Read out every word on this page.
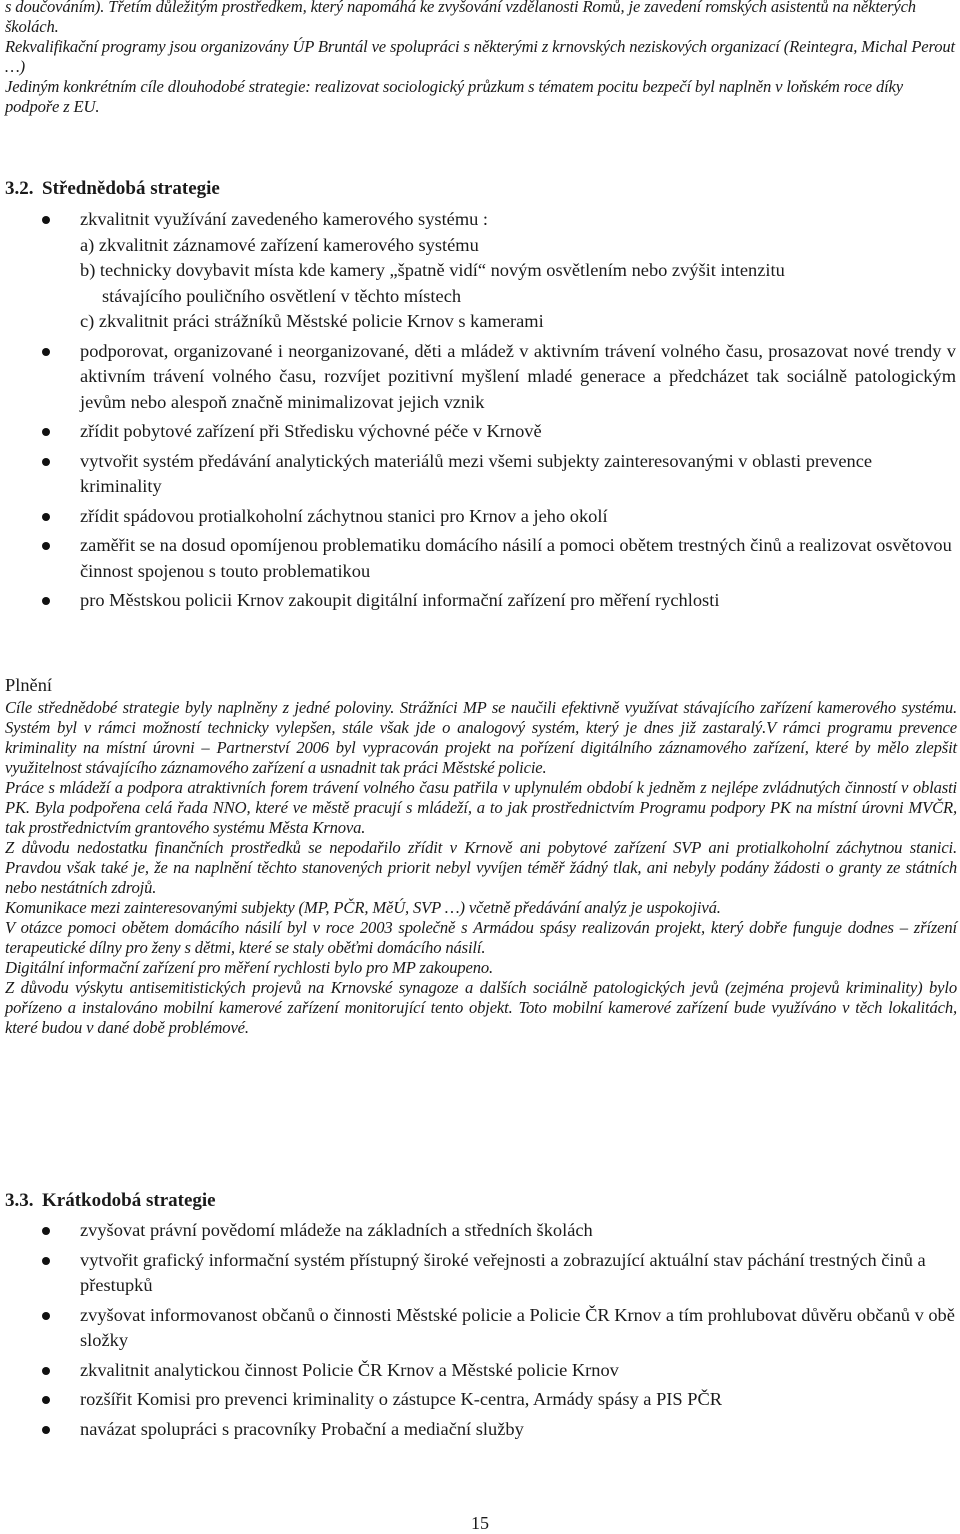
s doučováním). Třetím důležitým prostředkem, který napomáhá ke zvyšování vzdělanosti Romů, je zavedení romských asistentů na některých školách.

Rekvalifikační programy jsou organizovány ÚP Bruntál ve spolupráci s některými z krnovských neziskových organizací (Reintegra, Michal Perout …)

Jediným konkrétním cíle dlouhodobé strategie: realizovat sociologický průzkum s tématem pocitu bezpečí byl naplněn v loňském roce díky podpoře z EU.

3.2. Střednědobá strategie
zkvalitnit využívání zavedeného kamerového systému :
a) zkvalitnit záznamové zařízení kamerového systému
b) technicky dovybavit místa kde kamery „špatně vidí“ novým osvětlením nebo zvýšit intenzitu
stávajícího pouličního osvětlení v těchto místech
c) zkvalitnit práci strážníků Městské policie Krnov s kamerami
podporovat, organizované i neorganizované, děti a mládež v aktivním trávení volného času, prosazovat nové trendy v aktivním trávení volného času, rozvíjet pozitivní myšlení mladé generace a předcházet tak sociálně patologickým jevům nebo alespoň značně minimalizovat jejich vznik
zřídit pobytové zařízení při Středisku výchovné péče v Krnově
vytvořit systém předávání analytických materiálů mezi všemi subjekty zainteresovanými v oblasti prevence kriminality
zřídit spádovou protialkoholní záchytnou stanici pro Krnov a jeho okolí
zaměřit se na dosud opomíjenou problematiku domácího násilí a pomoci obětem trestných činů a realizovat osvětovou činnost spojenou s touto problematikou
pro Městskou policii Krnov zakoupit digitální informační zařízení pro měření rychlosti

Plnění

Cíle střednědobé strategie byly naplněny z jedné poloviny. Strážníci MP se naučili efektivně využívat stávajícího zařízení kamerového systému. Systém byl v rámci možností technicky vylepšen, stále však jde o analogový systém, který je dnes již zastaralý.V rámci programu prevence kriminality na místní úrovni – Partnerství 2006 byl vypracován projekt na pořízení digitálního záznamového zařízení, které by mělo zlepšit využitelnost stávajícího záznamového zařízení a usnadnit tak práci Městské policie.

Práce s mládeží a podpora atraktivních forem trávení volného času patřila v uplynulém období k jedněm z nejlépe zvládnutých činností v oblasti PK. Byla podpořena celá řada NNO, které ve městě pracují s mládeží, a to jak prostřednictvím Programu podpory PK na místní úrovni MVČR, tak prostřednictvím grantového systému Města Krnova.

Z důvodu nedostatku finančních prostředků se nepodařilo zřídit v Krnově ani pobytové zařízení SVP ani protialkoholní záchytnou stanici. Pravdou však také je, že na naplnění těchto stanovených priorit nebyl vyvíjen téměř žádný tlak, ani nebyly podány žádosti o granty ze státních nebo nestátních zdrojů.

Komunikace mezi zainteresovanými subjekty (MP, PČR, MěÚ, SVP …) včetně předávání analýz je uspokojivá.

V otázce pomoci obětem domácího násilí byl v roce 2003 společně s Armádou spásy realizován projekt, který dobře funguje dodnes – zřízení terapeutické dílny pro ženy s dětmi, které se staly oběťmi domácího násilí.

Digitální informační zařízení pro měření rychlosti bylo pro MP zakoupeno.

Z důvodu výskytu antisemitistických projevů na Krnovské synagoze a dalších sociálně patologických jevů (zejména projevů kriminality) bylo pořízeno a instalováno mobilní kamerové zařízení monitorující tento objekt. Toto mobilní kamerové zařízení bude využíváno v těch lokalitách, které budou v dané době problémové.

3.3. Krátkodobá strategie
zvyšovat právní povědomí mládeže na základních a středních školách
vytvořit grafický informační systém přístupný široké veřejnosti a zobrazující aktuální stav páchání trestných činů a přestupků
zvyšovat informovanost občanů o činnosti Městské policie a Policie ČR Krnov a tím prohlubovat důvěru občanů v obě složky
zkvalitnit analytickou činnost Policie ČR Krnov a Městské policie Krnov
rozšířit Komisi pro prevenci kriminality o zástupce K-centra, Armády spásy a PIS PČR
navázat spolupráci s pracovníky Probační a mediační služby
15
